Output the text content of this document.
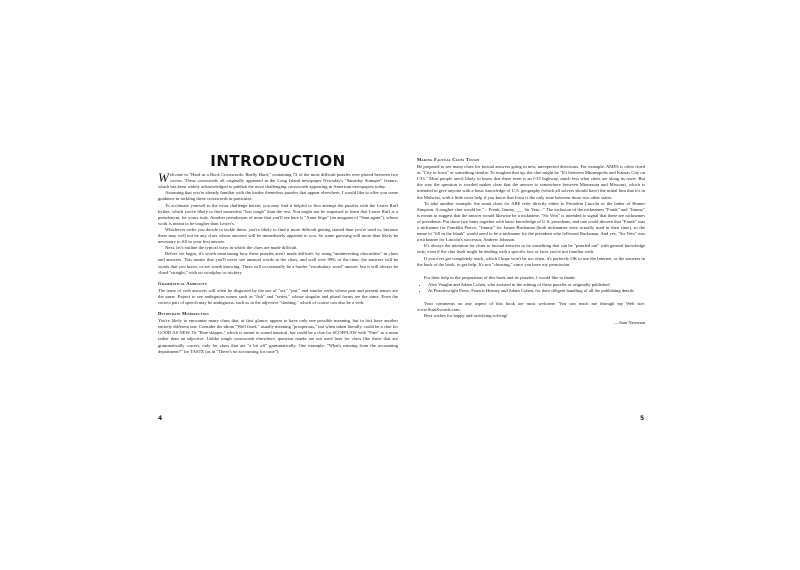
INTRODUCTION

Welcome to "Hard as a Rock Crosswords: Really Hard," containing 72 of the most difficult puzzles ever placed between two covers. These crosswords all originally appeared in the Long Island newspaper Newsday's "Saturday Stumper" feature, which has been widely acknowledged to publish the most challenging crosswords appearing in American newspapers today.

Assuming that you're already familiar with the harder themeless puzzles that appear elsewhere, I would like to offer you some guidance in tackling these crosswords in particular.

To acclimate yourself to the extra challenge herein, you may find it helpful to first attempt the puzzles with the Lester Ruff byline, which you're likely to find somewhat "less tough" than the rest. You might not be surprised to learn that Lester Ruff is a pseudonym, for yours truly. Another pseudonym of mine that you'll see here is "Anna Stiga" (an anagram of "Stan again"), whose work is meant to be tougher than Lester's.

Whichever order you decide to tackle these, you're likely to find it more difficult getting started than you're used to, because there may well not be any clues whose answers will be immediately apparent to you. So some guessing will more than likely be necessary to fill in your first answer.

Next, let's outline the typical ways in which the clues are made difficult.

Before we begin, it's worth mentioning how these puzzles aren't made difficult: by using "uninteresting obscurities" in clues and answers. This means that you'll never see unusual words in the clues, and well over 99% of the time, the answers will be words that you know, or are worth knowing. There will occasionally be a harder "vocabulary word" answer, but it will always be clued "straight," with no wordplay or trickery.

Grammatical Ambiguity

The tense of verb answers will often be disguised by the use of "set," "put," and similar verbs whose past and present tenses are the same. Expect to see ambiguous nouns such as "fish" and "series," whose singular and plural forms are the same. Even the correct part of speech may be ambiguous, such as in the adjective "dashing," which of course can also be a verb.

Deliberate Misdirection

You're likely to encounter many clues that, at first glance, appear to have only one possible meaning, but in fact have another entirely different one. Consider the idiom "Well fixed," usually meaning "prosperous," but when taken literally, could be a clue for GOOD AS NEW. Or "Fine skipper," which is meant to sound nautical, but could be a clue for SCOFFLAW with "Fine" as a noun rather than an adjective. Unlike tough crosswords elsewhere, question marks are not used here for clues like these that are grammatically correct, only for clues that are "a bit off" grammatically. One example: "What's missing from the accounting department?" for TASTE (as in "There's no accounting for taste").

4

Making Factual Clues Tough

Be prepared to see many clues for factual answers going in new, unexpected directions. For example: AMES is often clued as "City in Iowa" or something similar. To toughen that up, the clue might be "It's between Minneapolis and Kansas City on I-35." Most people aren't likely to know that there even is an I-35 highway, much less what cities are along its route. But the way the question is worded makes clear that the answer is somewhere between Minnesota and Missouri, which is intended to give anyone with a basic knowledge of U.S. geography (which all solvers should have) the initial hint that it's in the Midwest, with a little extra help if you know that Iowa is the only state between those two other states.

To take another example, the usual clues for ABE refer directly either to President Lincoln or the father of Homer Simpson. A tougher clue would be "... Frank, Jimmy, ___ Sir Veto..." The inclusion of the nicknames "Frank" and "Jimmy" is meant to suggest that the answer would likewise be a nickname. "Sir Veto" is intended to signal that these are nicknames of presidents. Put those two hints together with basic knowledge of U.S. presidents, and one could discern that "Frank" was a nickname for Franklin Pierce, "Jimmy" for James Buchanan (both nicknames were actually used in their time), so the name to "fill in the blank" would need to be a nickname for the president who followed Buchanan. And yes, "Sir Veto" was a nickname for Lincoln's successor, Andrew Johnson.

It's always the intention for clues to factual answers to be something that can be "puzzled out" with general knowledge only, even if the clue itself might be dealing with a specific fact or facts you're not familiar with.

If you ever get completely stuck, which I hope won't be too often, it's perfectly OK to use the Internet, or the answers in the back of the book, to get help. It's not "cheating," since you have my permission.

For their help in the preparation of this book and its puzzles, I would like to thank:

• Alex Vaughn and Adam Cohen, who assisted in the editing of these puzzles as originally published
• At Puzzlewright Press: Francis Heaney and Adam Cohen, for their diligent handling of all the publishing details

Your comments on any aspect of this book are most welcome. You can reach me through my Web site: www.StanXwords.com.

Best wishes for happy and satisfying solving!

—Stan Newman

5
